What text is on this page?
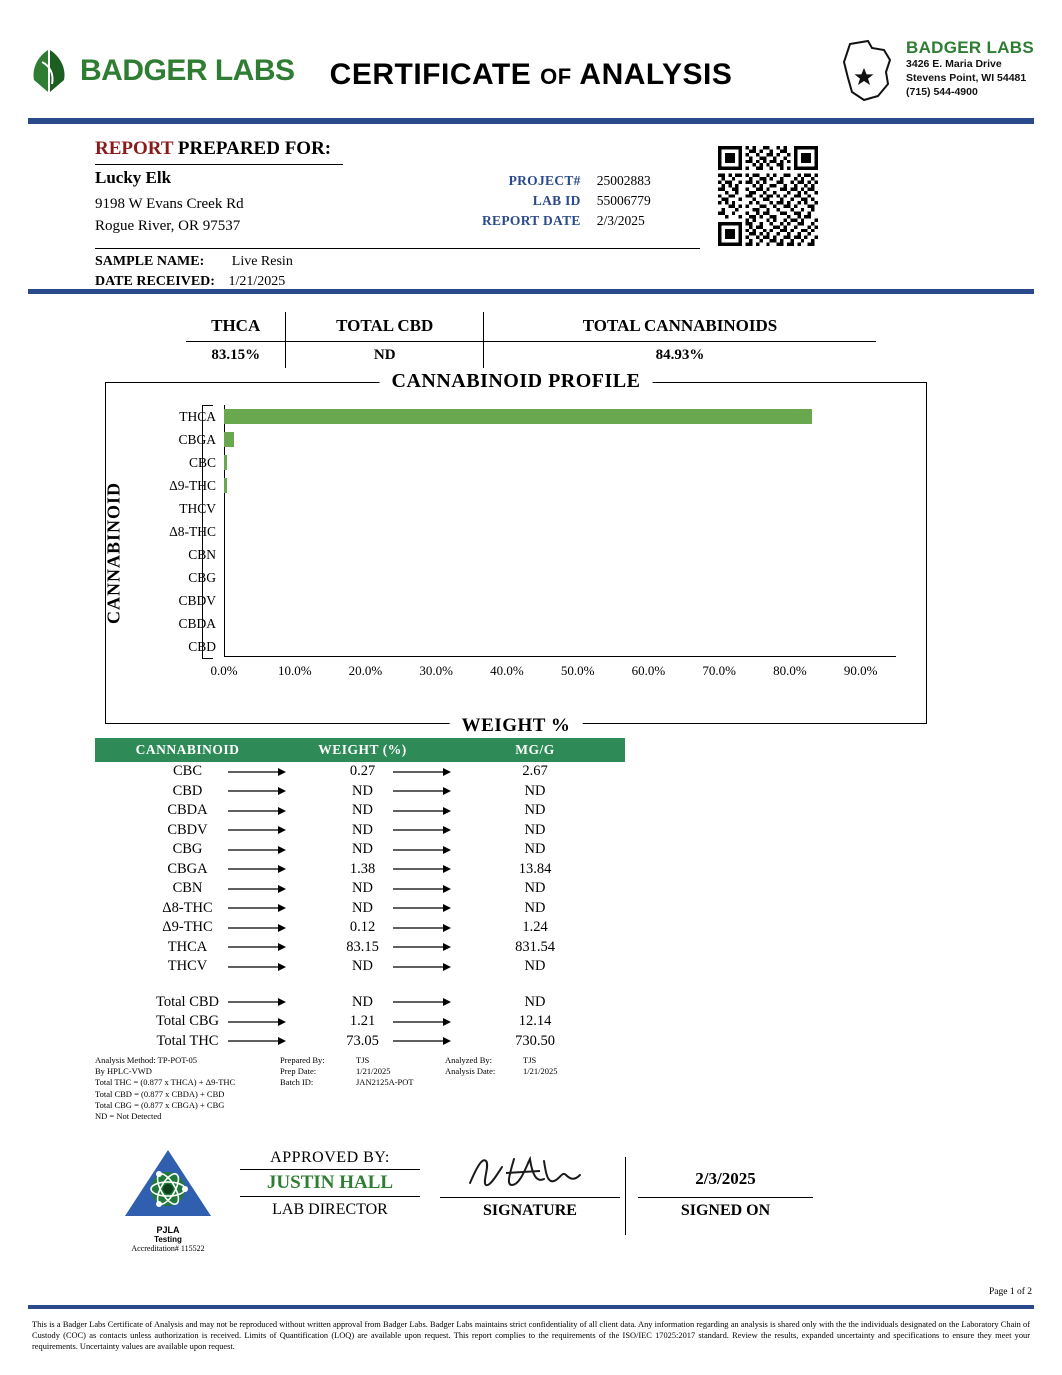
BADGER LABS	CERTIFICATE OF ANALYSIS
BADGER LABS
3426 E. Maria Drive
Stevens Point, WI 54481
(715) 544-4900
REPORT PREPARED FOR:
Lucky Elk
9198 W Evans Creek Rd
Rogue River, OR 97537
PROJECT#	25002883
LAB ID	55006779
REPORT DATE	2/3/2025
SAMPLE NAME: Live Resin
DATE RECEIVED: 1/21/2025
THCA	TOTAL CBD	TOTAL CANNABINOIDS
83.15%	ND	84.93%
CANNABINOID PROFILE
CANNABINOID
THCA
CBGA
CBC
Δ9-THC
THCV
Δ8-THC
CBN
CBG
CBDV
CBDA
CBD
0.0%	10.0%	20.0%	30.0%	40.0%	50.0%	60.0%	70.0%	80.0%	90.0%
WEIGHT %
CANNABINOID	WEIGHT (%)	MG/G
CBC	0.27	2.67
CBD	ND	ND
CBDA	ND	ND
CBDV	ND	ND
CBG	ND	ND
CBGA	1.38	13.84
CBN	ND	ND
Δ8-THC	ND	ND
Δ9-THC	0.12	1.24
THCA	83.15	831.54
THCV	ND	ND
Total CBD	ND	ND
Total CBG	1.21	12.14
Total THC	73.05	730.50
Analysis Method: TP-POT-05
By HPLC-VWD
Total THC = (0.877 x THCA) + Δ9-THC
Total CBD = (0.877 x CBDA) + CBD
Total CBG = (0.877 x CBGA) + CBG
ND = Not Detected
Prepared By:	TJS
Prep Date:	1/21/2025
Batch ID:	JAN2125A-POT
Analyzed By:	TJS
Analysis Date:	1/21/2025
PJLA
Testing
Accreditation# 115522
APPROVED BY:
JUSTIN HALL
LAB DIRECTOR	SIGNATURE
2/3/2025
SIGNED ON
Page 1 of 2
This is a Badger Labs Certificate of Analysis and may not be reproduced without written approval from Badger Labs. Badger Labs maintains strict confidentiality of all client data. Any information regarding an analysis is shared only with the the individuals designated on the Laboratory Chain of Custody (COC) as contacts unless authorization is received. Limits of Quantification (LOQ) are available upon request. This report complies to the requirements of the ISO/IEC 17025:2017 standard. Review the results, expanded uncertainty and specifications to ensure they meet your requirements. Uncertainty values are available upon request.
